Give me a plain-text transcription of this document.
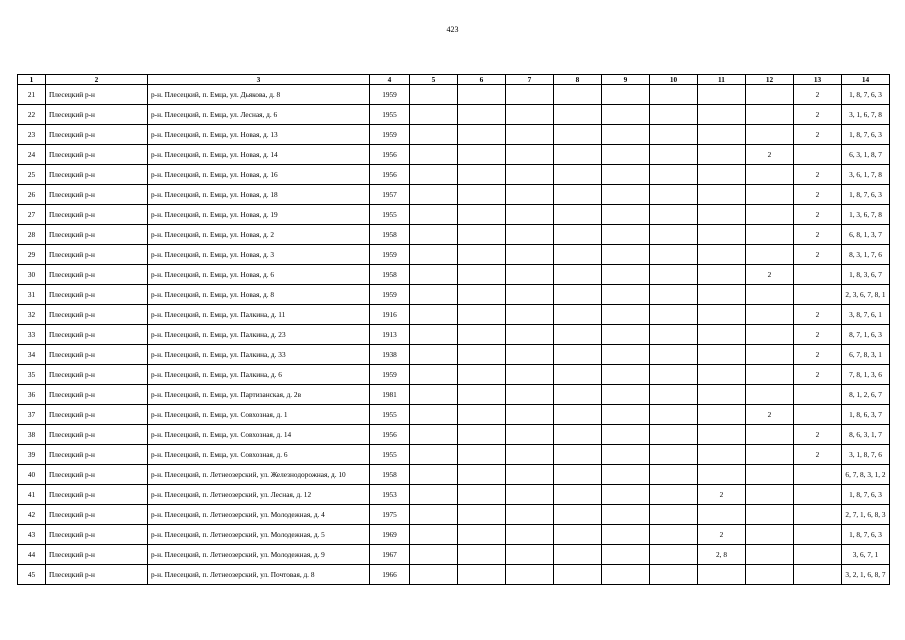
423
1	2	3	4	5	6	7	8	9	10	11	12	13	14
21	Плесецкий р-н	р-н. Плесецкий, п. Емца, ул. Дьякова, д. 8	1959									2	1, 8, 7, 6, 3
22	Плесецкий р-н	р-н. Плесецкий, п. Емца, ул. Лесная, д. 6	1955									2	3, 1, 6, 7, 8
23	Плесецкий р-н	р-н. Плесецкий, п. Емца, ул. Новая, д. 13	1959									2	1, 8, 7, 6, 3
24	Плесецкий р-н	р-н. Плесецкий, п. Емца, ул. Новая, д. 14	1956								2		6, 3, 1, 8, 7
25	Плесецкий р-н	р-н. Плесецкий, п. Емца, ул. Новая, д. 16	1956									2	3, 6, 1, 7, 8
26	Плесецкий р-н	р-н. Плесецкий, п. Емца, ул. Новая, д. 18	1957									2	1, 8, 7, 6, 3
27	Плесецкий р-н	р-н. Плесецкий, п. Емца, ул. Новая, д. 19	1955									2	1, 3, 6, 7, 8
28	Плесецкий р-н	р-н. Плесецкий, п. Емца, ул. Новая, д. 2	1958									2	6, 8, 1, 3, 7
29	Плесецкий р-н	р-н. Плесецкий, п. Емца, ул. Новая, д. 3	1959									2	8, 3, 1, 7, 6
30	Плесецкий р-н	р-н. Плесецкий, п. Емца, ул. Новая, д. 6	1958								2		1, 8, 3, 6, 7
31	Плесецкий р-н	р-н. Плесецкий, п. Емца, ул. Новая, д. 8	1959										2, 3, 6, 7, 8, 1
32	Плесецкий р-н	р-н. Плесецкий, п. Емца, ул. Палкина, д. 11	1916									2	3, 8, 7, 6, 1
33	Плесецкий р-н	р-н. Плесецкий, п. Емца, ул. Палкина, д. 23	1913									2	8, 7, 1, 6, 3
34	Плесецкий р-н	р-н. Плесецкий, п. Емца, ул. Палкина, д. 33	1938									2	6, 7, 8, 3, 1
35	Плесецкий р-н	р-н. Плесецкий, п. Емца, ул. Палкина, д. 6	1959									2	7, 8, 1, 3, 6
36	Плесецкий р-н	р-н. Плесецкий, п. Емца, ул. Партизанская, д. 2в	1981										8, 1, 2, 6, 7
37	Плесецкий р-н	р-н. Плесецкий, п. Емца, ул. Совхозная, д. 1	1955								2		1, 8, 6, 3, 7
38	Плесецкий р-н	р-н. Плесецкий, п. Емца, ул. Совхозная, д. 14	1956									2	8, 6, 3, 1, 7
39	Плесецкий р-н	р-н. Плесецкий, п. Емца, ул. Совхозная, д. 6	1955									2	3, 1, 8, 7, 6
40	Плесецкий р-н	р-н. Плесецкий, п. Летнеозерский, ул. Железнодорожная, д. 10	1958										6, 7, 8, 3, 1, 2
41	Плесецкий р-н	р-н. Плесецкий, п. Летнеозерский, ул. Лесная, д. 12	1953							2			1, 8, 7, 6, 3
42	Плесецкий р-н	р-н. Плесецкий, п. Летнеозерский, ул. Молодежная, д. 4	1975										2, 7, 1, 6, 8, 3
43	Плесецкий р-н	р-н. Плесецкий, п. Летнеозерский, ул. Молодежная, д. 5	1969							2			1, 8, 7, 6, 3
44	Плесецкий р-н	р-н. Плесецкий, п. Летнеозерский, ул. Молодежная, д. 9	1967							2, 8			3, 6, 7, 1
45	Плесецкий р-н	р-н. Плесецкий, п. Летнеозерский, ул. Почтовая, д. 8	1966										3, 2, 1, 6, 8, 7
